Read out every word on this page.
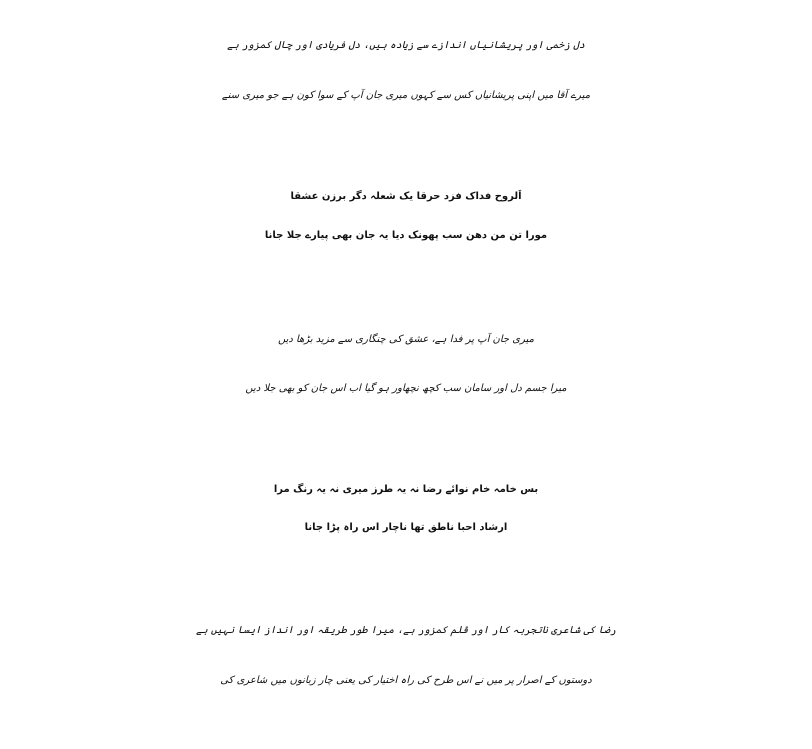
دل زخمی اور پریشانیاں اندازے سے زیادہ ہیں، دل فریادی اور چال کمزور ہے
میرے آقا میں اپنی پریشانیاں کس سے کہوں میری جان آپ کے سوا کون ہے جو میری سنے
اَلروح فداک فزد حرقا یک شعلہ دگر برزن عشقا
مورا تن من دھن سب پھونک دیا یہ جان بھی پیارے جلا جانا
میری جان آپ پر فدا ہے، عشق کی چنگاری سے مزید بڑھا دیں
میرا جسم دل اور سامان سب کچھ نچھاور ہو گیا اب اس جان کو بھی جلا دیں
بس خامہ خام نوائے رضا نہ یہ طرز میری نہ یہ رنگ مرا
ارشاد احبا ناطق تھا ناچار اس راہ پڑا جانا
رضا کی شاعری ناتجربہ کار اور قلم کمزور ہے، میرا طور طریقہ اور انداز ایسا نہیں ہے
دوستوں کے اصرار پر میں نے اس طرح کی راہ اختیار کی یعنی چار زبانوں میں شاعری کی
